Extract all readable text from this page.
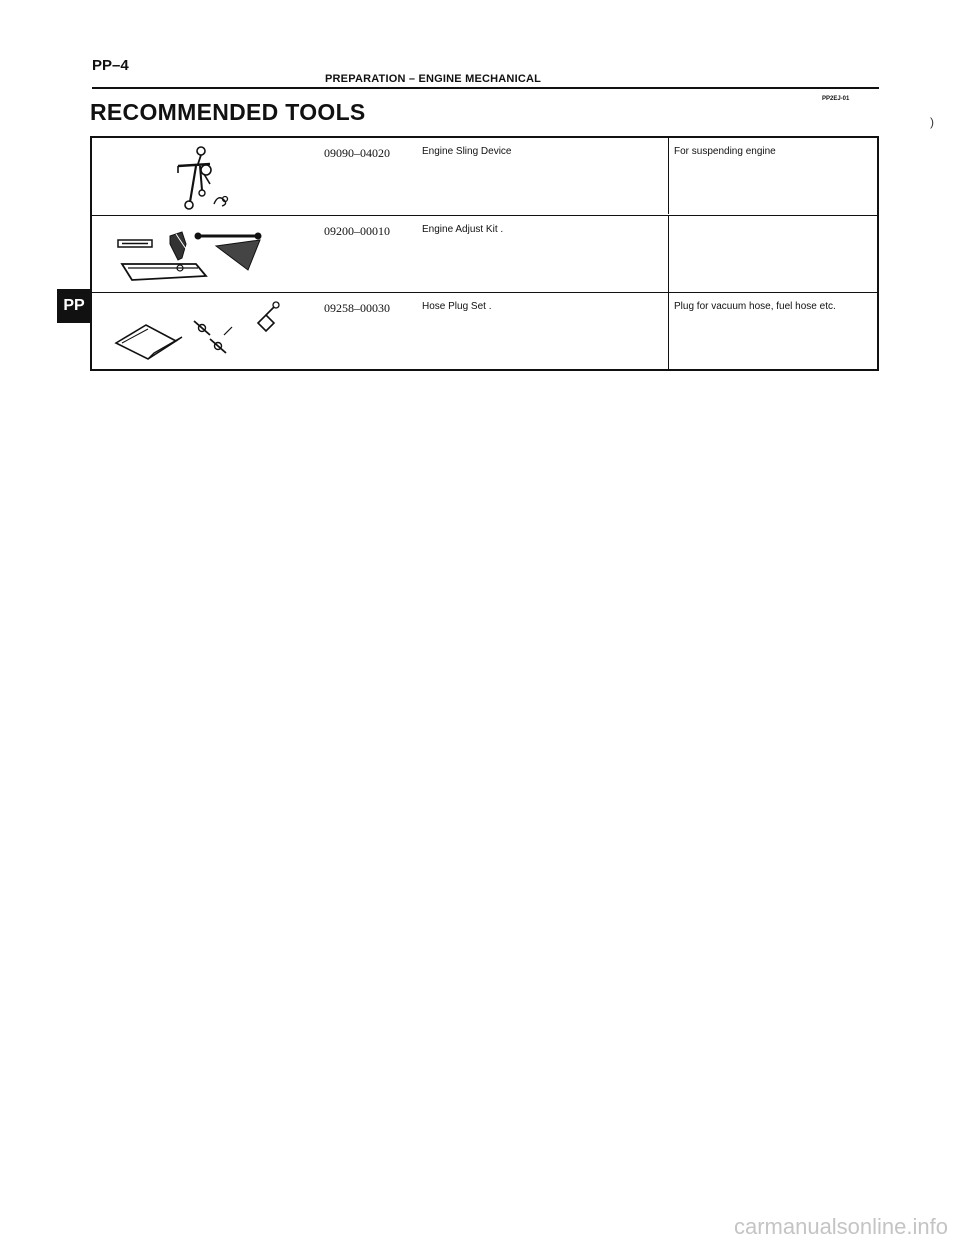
PP–4
PREPARATION – ENGINE MECHANICAL
PP2EJ-01
RECOMMENDED TOOLS
PP
09090–04020	Engine Sling Device	For suspending engine
09200–00010	Engine Adjust Kit .
09258–00030	Hose Plug Set .	Plug for vacuum hose, fuel hose etc.
)
carmanualsonline.info
